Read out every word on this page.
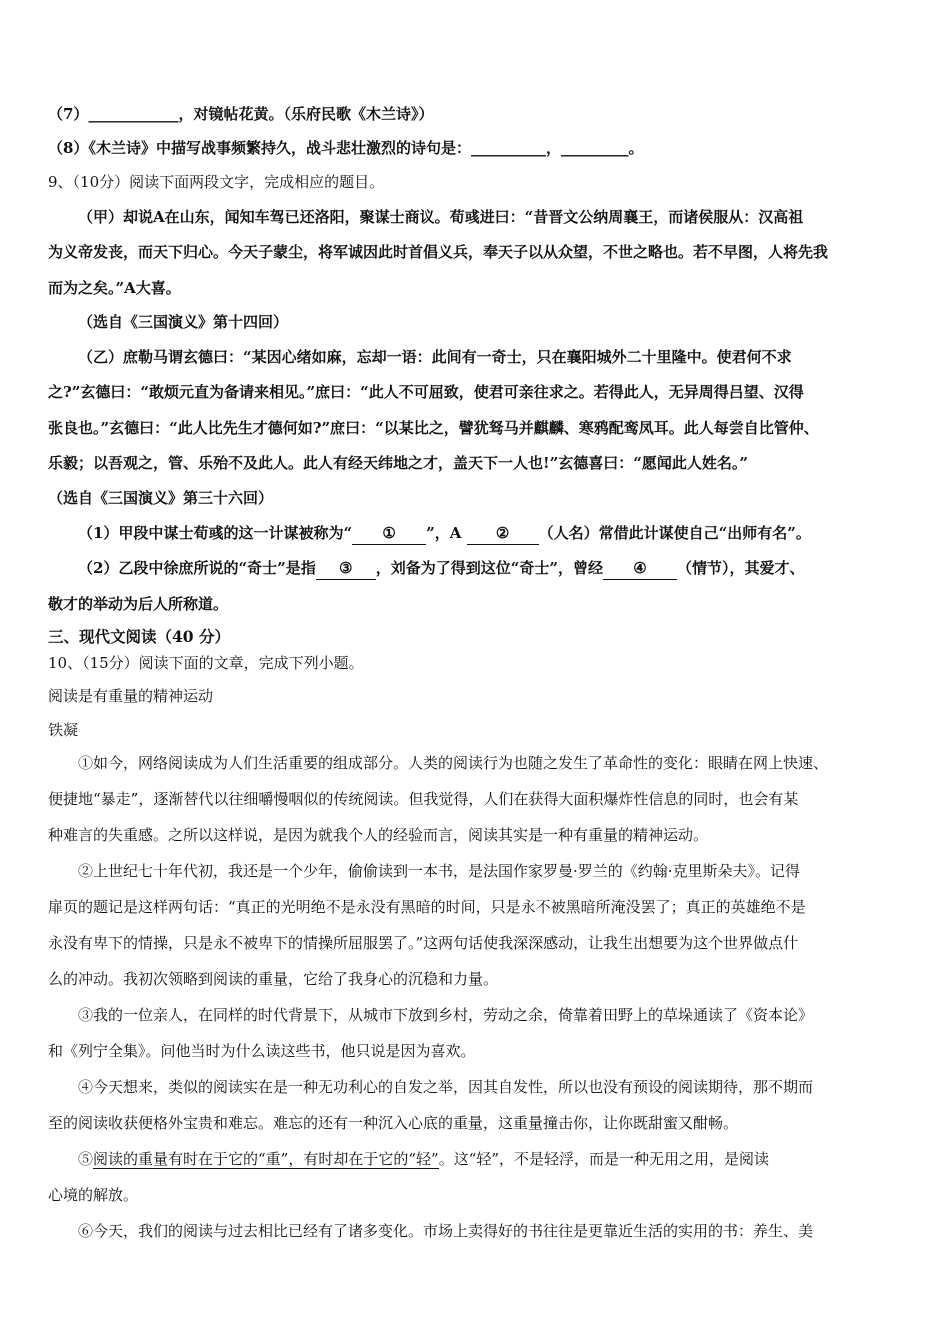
（7）____________，对镜帖花黄。（乐府民歌《木兰诗》）
（8）《木兰诗》中描写战事频繁持久，战斗悲壮激烈的诗句是：__________，_________。
9、（10分）阅读下面两段文字，完成相应的题目。
（甲）却说A在山东，闻知车驾已还洛阳，聚谋士商议。荀彧进曰：“昔晋文公纳周襄王，而诸侯服从：汉高祖
为义帝发丧，而天下归心。今天子蒙尘，将军诚因此时首倡义兵，奉天子以从众望，不世之略也。若不早图，人将先我
而为之矣。”A大喜。
（选自《三国演义》第十四回）
（乙）庶勒马谓玄德曰：“某因心绪如麻，忘却一语：此间有一奇士，只在襄阳城外二十里隆中。使君何不求
之?”玄德曰：“敢烦元直为备请来相见。”庶曰：“此人不可屈致，使君可亲往求之。若得此人，无异周得吕望、汉得
张良也。”玄德曰：“此人比先生才德何如?”庶曰：“以某比之，譬犹驽马并麒麟、寒鸦配鸾凤耳。此人每尝自比管仲、
乐毅；以吾观之，管、乐殆不及此人。此人有经天纬地之才，盖天下一人也!”玄德喜曰：“愿闻此人姓名。”
（选自《三国演义》第三十六回）
（1）甲段中谋士荀彧的这一计谋被称为“ ① ”，A ② （人名）常借此计谋使自己“出师有名”。
（2）乙段中徐庶所说的“奇士”是指 ③ ，刘备为了得到这位“奇士”，曾经 ④ （情节），其爱才、
敬才的举动为后人所称道。
三、现代文阅读（40 分）
10、（15分）阅读下面的文章，完成下列小题。
阅读是有重量的精神运动
铁凝
①如今，网络阅读成为人们生活重要的组成部分。人类的阅读行为也随之发生了革命性的变化：眼睛在网上快速、
便捷地“暴走”，逐渐替代以往细嚼慢咽似的传统阅读。但我觉得，人们在获得大面积爆炸性信息的同时，也会有某
种难言的失重感。之所以这样说，是因为就我个人的经验而言，阅读其实是一种有重量的精神运动。
②上世纪七十年代初，我还是一个少年，偷偷读到一本书，是法国作家罗曼·罗兰的《约翰·克里斯朵夫》。记得
扉页的题记是这样两句话：“真正的光明绝不是永没有黑暗的时间，只是永不被黑暗所淹没罢了；真正的英雄绝不是
永没有卑下的情操，只是永不被卑下的情操所屈服罢了。”这两句话使我深深感动，让我生出想要为这个世界做点什
么的冲动。我初次领略到阅读的重量，它给了我身心的沉稳和力量。
③我的一位亲人，在同样的时代背景下，从城市下放到乡村，劳动之余，倚靠着田野上的草垛通读了《资本论》
和《列宁全集》。问他当时为什么读这些书，他只说是因为喜欢。
④今天想来，类似的阅读实在是一种无功利心的自发之举，因其自发性，所以也没有预设的阅读期待，那不期而
至的阅读收获便格外宝贵和难忘。难忘的还有一种沉入心底的重量，这重量撞击你，让你既甜蜜又酣畅。
⑤阅读的重量有时在于它的“重”，有时却在于它的“轻”。这“轻”，不是轻浮，而是一种无用之用，是阅读
心境的解放。
⑥今天，我们的阅读与过去相比已经有了诸多变化。市场上卖得好的书往往是更靠近生活的实用的书：养生、美
